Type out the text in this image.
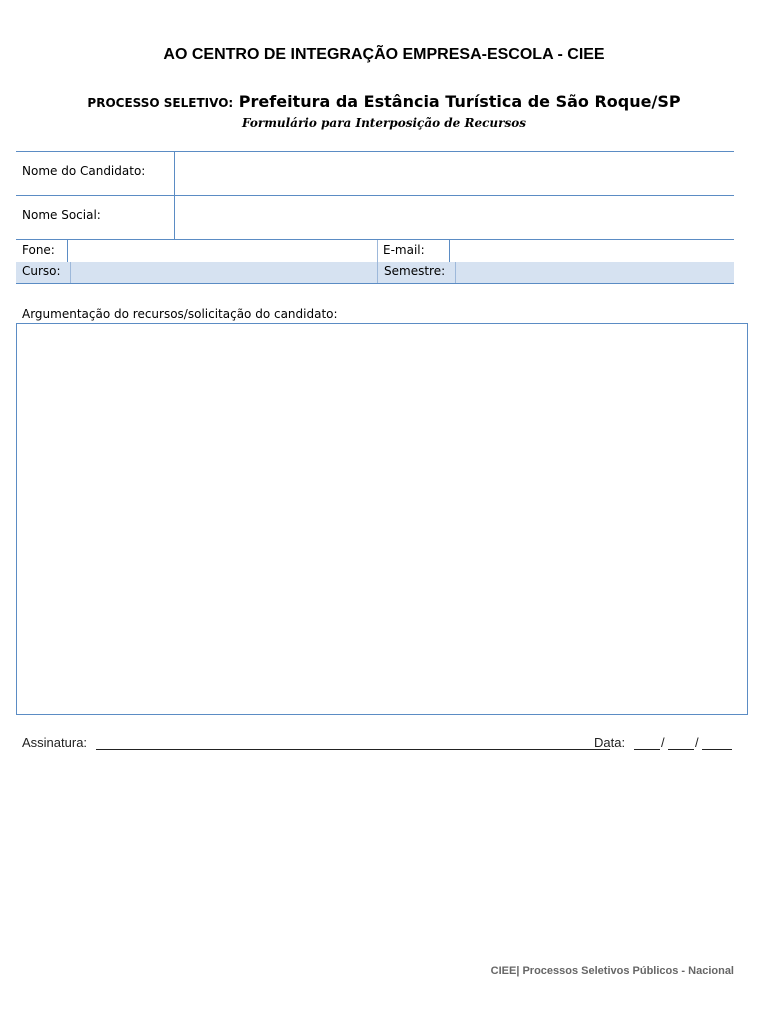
AO CENTRO DE INTEGRAÇÃO EMPRESA-ESCOLA - CIEE
PROCESSO SELETIVO: Prefeitura da Estância Turística de São Roque/SP
Formulário para Interposição de Recursos
Nome do Candidato:
Nome Social:
Fone:	E-mail:
Curso:	Semestre:
Argumentação do recursos/solicitação do candidato:
Assinatura:	Data:	/ /
CIEE| Processos Seletivos Públicos - Nacional
